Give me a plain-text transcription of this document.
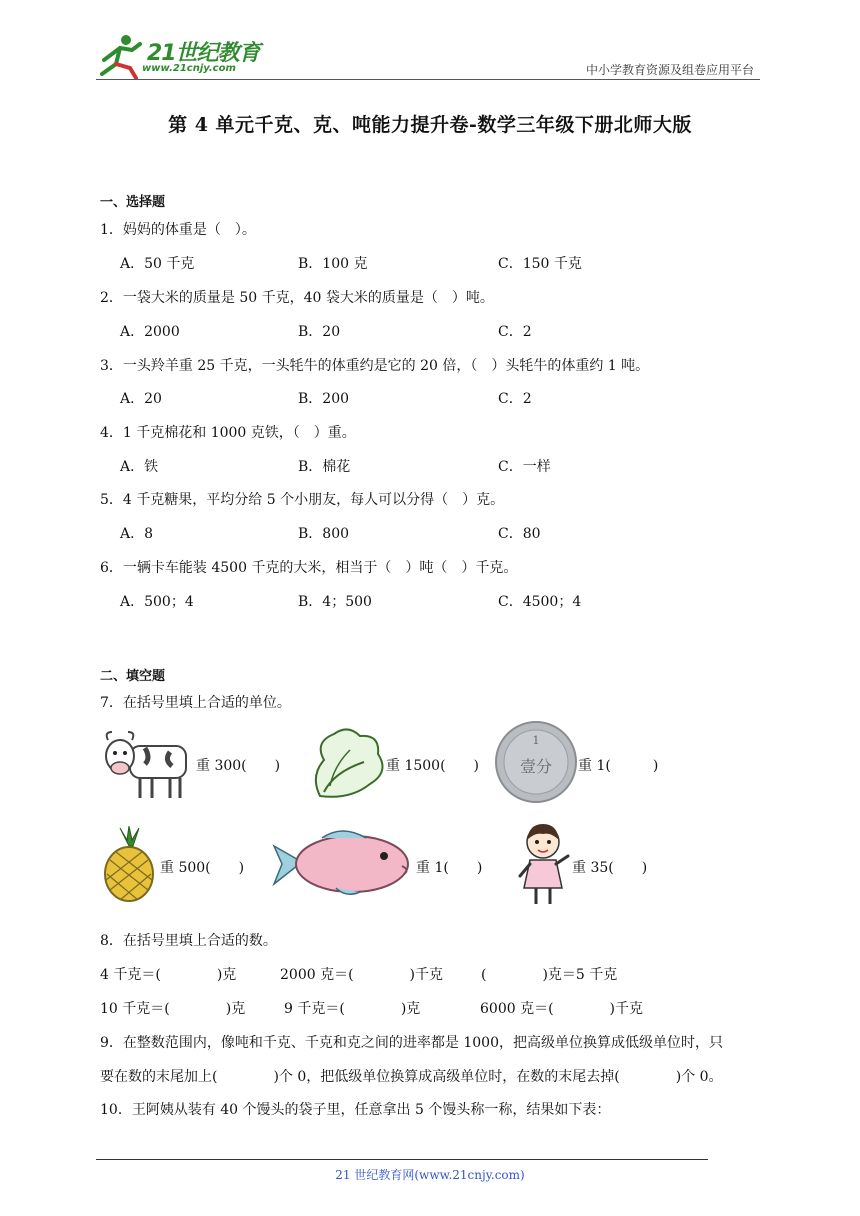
21世纪教育
www.21cnjy.com	中小学教育资源及组卷应用平台
第 4 单元千克、克、吨能力提升卷-数学三年级下册北师大版
一、选择题
1．妈妈的体重是（　）。
A．50 千克	B．100 克	C．150 千克
2．一袋大米的质量是 50 千克，40 袋大米的质量是（　）吨。
A．2000	B．20	C．2
3．一头羚羊重 25 千克，一头牦牛的体重约是它的 20 倍，（　）头牦牛的体重约 1 吨。
A．20	B．200	C．2
4．1 千克棉花和 1000 克铁，（　）重。
A．铁	B．棉花	C．一样
5．4 千克糖果，平均分给 5 个小朋友，每人可以分得（　）克。
A．8	B．800	C．80
6．一辆卡车能装 4500 千克的大米，相当于（　）吨（　）千克。
A．500；4	B．4；500	C．4500；4
二、填空题
7．在括号里填上合适的单位。
重 300(　　)	重 1500(　　)
1
壹分 重 1(　　　)
重 500(　　)	重 1(　　)	重 35(　　)
8．在括号里填上合适的数。
4 千克＝(　　　　)克	2000 克＝(　　　　)千克	(　　　　)克＝5 千克
10 千克＝(　　　　)克	9 千克＝(　　　　)克	6000 克＝(　　　　)千克
9．在整数范围内，像吨和千克、千克和克之间的进率都是 1000，把高级单位换算成低级单位时，只
要在数的末尾加上(　　　　)个 0，把低级单位换算成高级单位时，在数的末尾去掉(　　　　)个 0。
10．王阿姨从装有 40 个馒头的袋子里，任意拿出 5 个馒头称一称，结果如下表：
21 世纪教育网(www.21cnjy.com)
